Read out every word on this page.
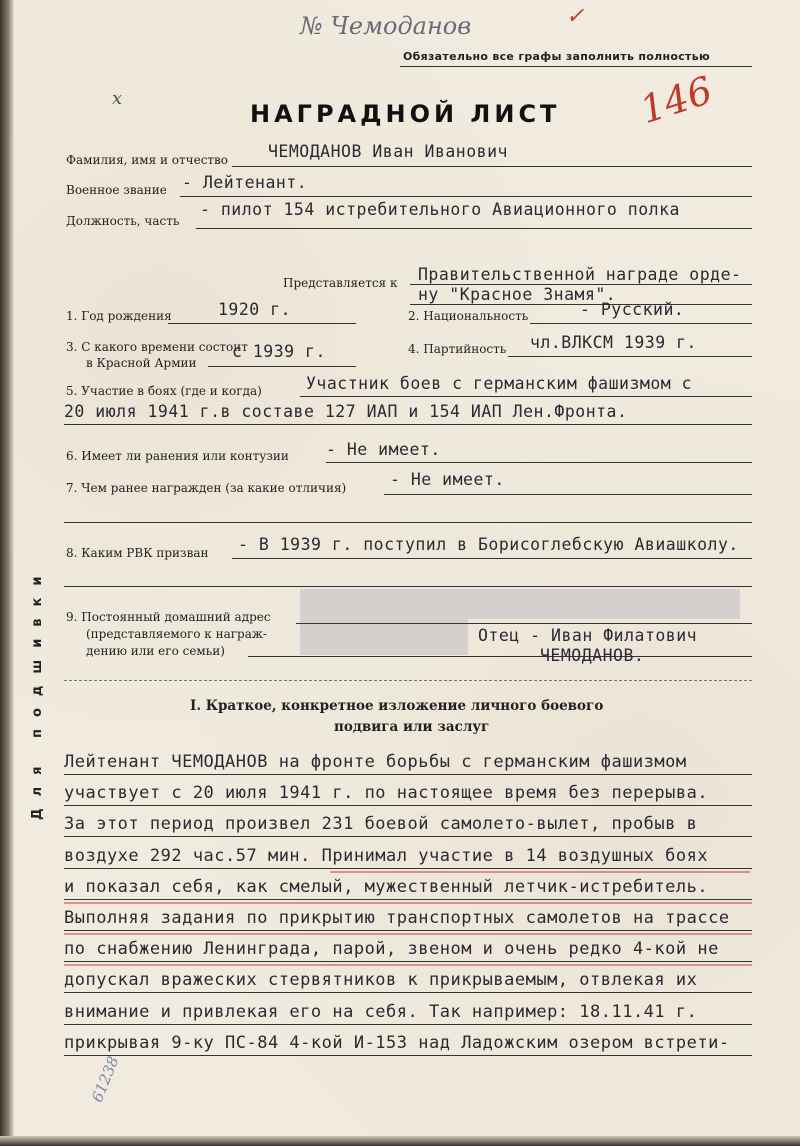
№ Чемоданов	✓
Обязательно все графы заполнить полностью
x
НАГРАДНОЙ ЛИСТ 146
Для подшивки
Фамилия, имя и отчество ЧЕМОДАНОВ Иван Иванович
Военное звание - Лейтенант.
Должность, часть
- пилот 154 истребительного Авиационного полка
Представляется к Правительственной награде орде-
ну "Красное Знамя".
1. Год рождения	1920 г.	2. Национальность	- Русский.
3. С какого времени состоит
в Красной Армии
с 1939 г.	4. Партийность чл.ВЛКСМ 1939 г.
5. Участие в боях (где и когда)	Участник боев с германским фашизмом с
20 июля 1941 г.в составе 127 ИАП и 154 ИАП Лен.Фронта.
6. Имеет ли ранения или контузии - Не имеет.
7. Чем ранее награжден (за какие отличия)	- Не имеет.
8. Каким РВК призван - В 1939 г. поступил в Борисоглебскую Авиашколу.
9. Постоянный домашний адрес
(представляемого к награж-
дению или его семьи)
Отец - Иван Филатович
ЧЕМОДАНОВ.
I. Краткое, конкретное изложение личного боевого
подвига или заслуг
Лейтенант ЧЕМОДАНОВ на фронте борьбы с германским фашизмом
участвует с 20 июля 1941 г. по настоящее время без перерыва.
За этот период произвел 231 боевой самолето-вылет, пробыв в
воздухе 292 час.57 мин. Принимал участие в 14 воздушных боях
и показал себя, как смелый, мужественный летчик-истребитель.
Выполняя задания по прикрытию транспортных самолетов на трассе
по снабжению Ленинграда, парой, звеном и очень редко 4-кой не
допускал вражеских стервятников к прикрываемым, отвлекая их
внимание и привлекая его на себя. Так например: 18.11.41 г.
прикрывая 9-ку ПС-84 4-кой И-153 над Ладожским озером встрети-
61238
